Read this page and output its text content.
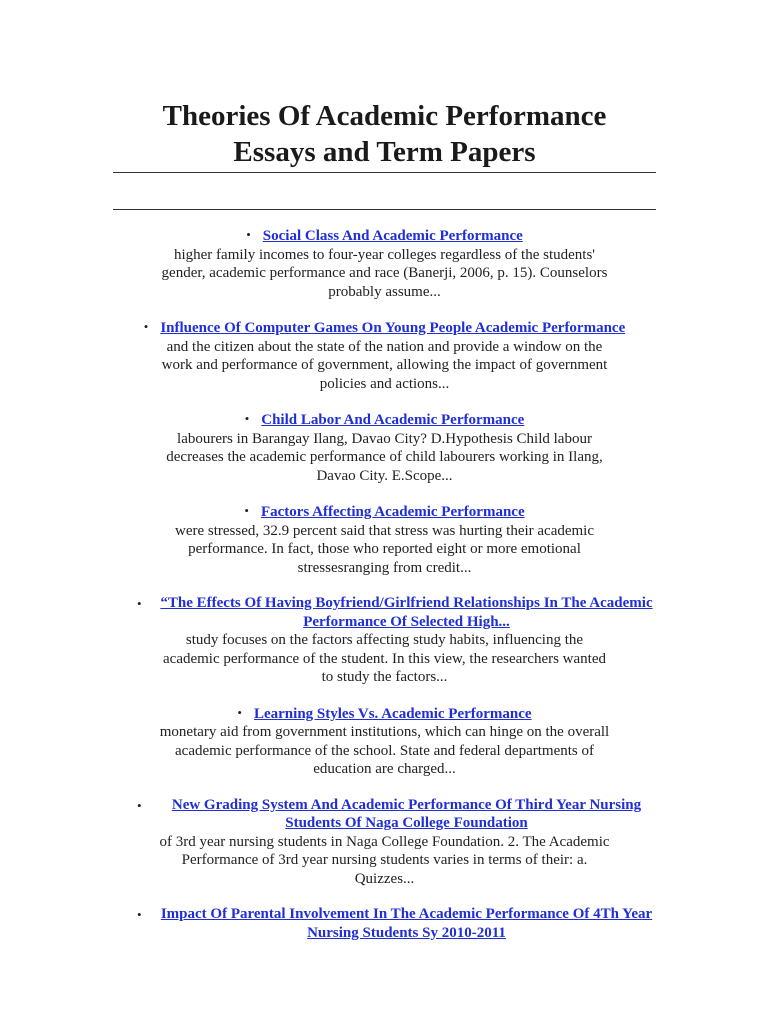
Theories Of Academic Performance
Essays and Term Papers
• Social Class And Academic Performance
higher family incomes to four-year colleges regardless of the students' gender, academic performance and race (Banerji, 2006, p. 15). Counselors probably assume...
• Influence Of Computer Games On Young People Academic Performance
and the citizen about the state of the nation and provide a window on the work and performance of government, allowing the impact of government policies and actions...
• Child Labor And Academic Performance
labourers in Barangay Ilang, Davao City? D.Hypothesis Child labour decreases the academic performance of child labourers working in Ilang, Davao City. E.Scope...
• Factors Affecting Academic Performance
were stressed, 32.9 percent said that stress was hurting their academic performance. In fact, those who reported eight or more emotional stressesranging from credit...
•	“The Effects Of Having Boyfriend/Girlfriend Relationships In The Academic Performance Of Selected High...
study focuses on the factors affecting study habits, influencing the academic performance of the student. In this view, the researchers wanted to study the factors...
• Learning Styles Vs. Academic Performance
monetary aid from government institutions, which can hinge on the overall academic performance of the school. State and federal departments of education are charged...
•	New Grading System And Academic Performance Of Third Year Nursing Students Of Naga College Foundation
of 3rd year nursing students in Naga College Foundation. 2. The Academic Performance of 3rd year nursing students varies in terms of their: a. Quizzes...
•	Impact Of Parental Involvement In The Academic Performance Of 4Th Year Nursing Students Sy 2010-2011
